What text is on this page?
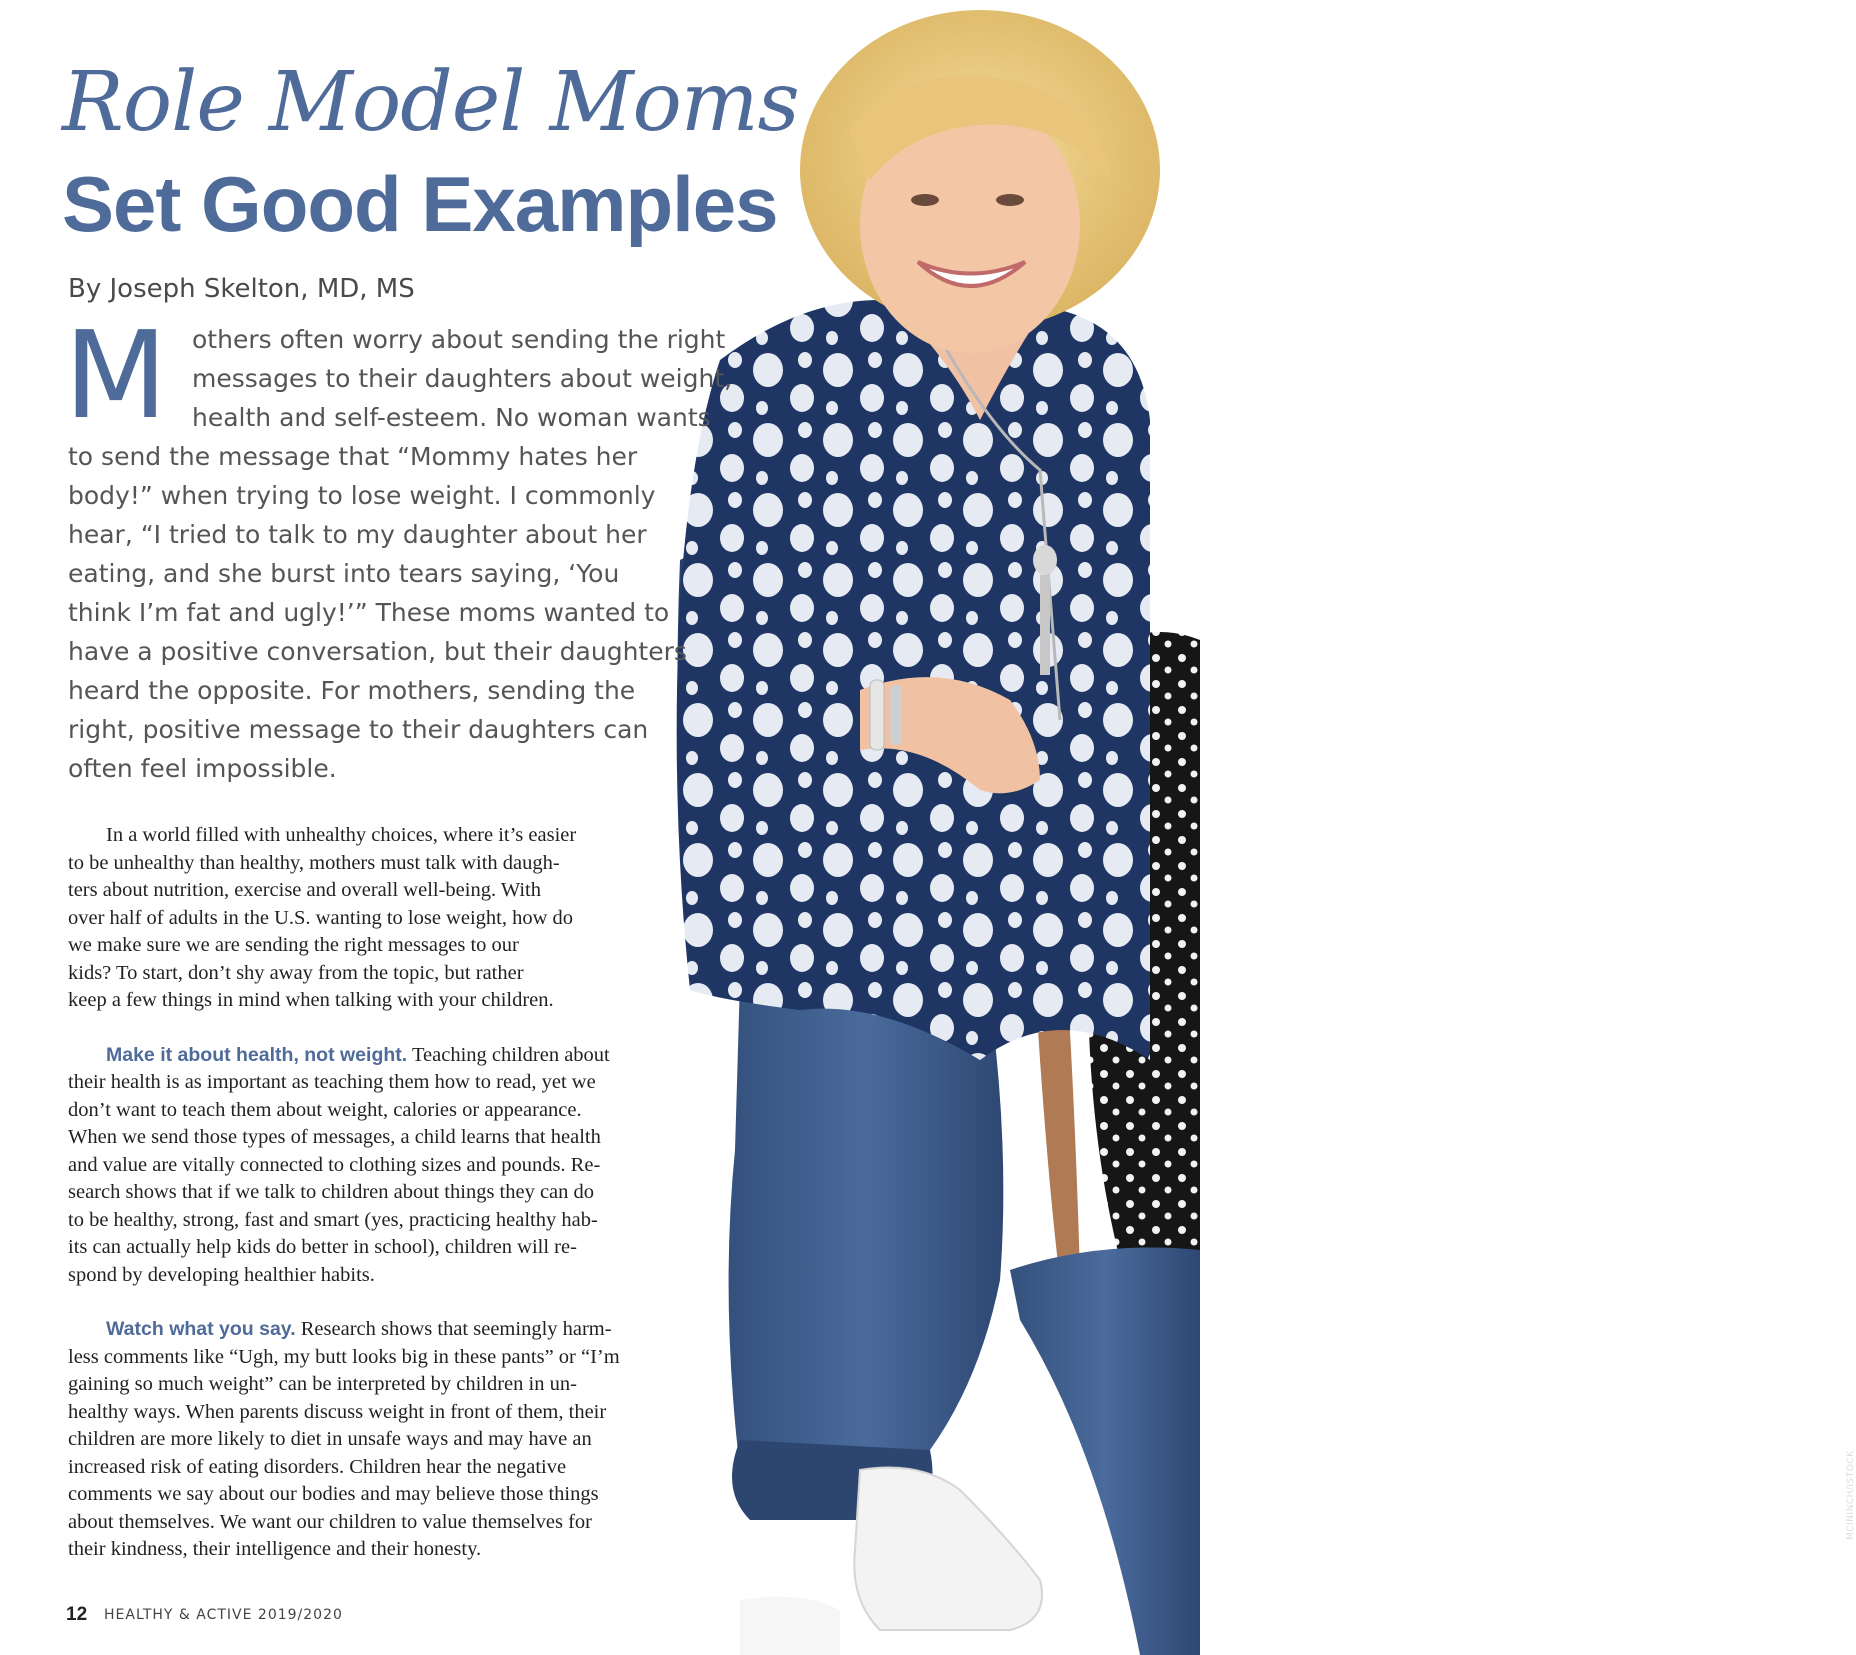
MCININCH/ISTOCK
Role Model Moms
Set Good Examples
By Joseph Skelton, MD, MS
M others often worry about sending the right
messages to their daughters about weight,
health and self-esteem. No woman wants
to send the message that “Mommy hates her
body!” when trying to lose weight. I commonly
hear, “I tried to talk to my daughter about her
eating, and she burst into tears saying, ‘You
think I’m fat and ugly!’” These moms wanted to
have a positive conversation, but their daughters
heard the opposite. For mothers, sending the
right, positive message to their daughters can
often feel impossible.
In a world filled with unhealthy choices, where it’s easier
to be unhealthy than healthy, mothers must talk with daugh-
ters about nutrition, exercise and overall well-being. With
over half of adults in the U.S. wanting to lose weight, how do
we make sure we are sending the right messages to our
kids? To start, don’t shy away from the topic, but rather
keep a few things in mind when talking with your children.
Make it about health, not weight. Teaching children about
their health is as important as teaching them how to read, yet we
don’t want to teach them about weight, calories or appearance.
When we send those types of messages, a child learns that health
and value are vitally connected to clothing sizes and pounds. Re-
search shows that if we talk to children about things they can do
to be healthy, strong, fast and smart (yes, practicing healthy hab-
its can actually help kids do better in school), children will re-
spond by developing healthier habits.
Watch what you say. Research shows that seemingly harm-
less comments like “Ugh, my butt looks big in these pants” or “I’m
gaining so much weight” can be interpreted by children in un-
healthy ways. When parents discuss weight in front of them, their
children are more likely to diet in unsafe ways and may have an
increased risk of eating disorders. Children hear the negative
comments we say about our bodies and may believe those things
about themselves. We want our children to value themselves for
their kindness, their intelligence and their honesty.
12 HEALTHY & ACTIVE 2019/2020
